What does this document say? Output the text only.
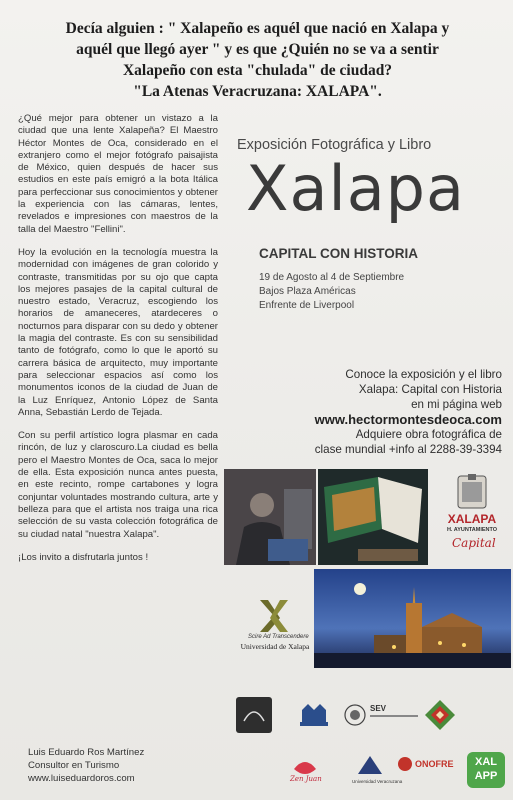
Decía alguien : " Xalapeño es aquél que nació en Xalapa y
aquél que llegó ayer " y es que ¿Quién no se va a sentir
Xalapeño con esta "chulada" de ciudad?
"La Atenas Veracruzana: XALAPA".

¿Qué mejor para obtener un vistazo a la ciudad que una lente Xalapeña? El Maestro Héctor Montes de Oca, considerado en el extranjero como el mejor fotógrafo paisajista de México, quien después de hacer sus estudios en este país emigró a la bota Itálica para perfeccionar sus conocimientos y obtener la experiencia con las cámaras, lentes, revelados e impresiones con maestros de la talla del Maestro "Fellini".

Hoy la evolución en la tecnología muestra la modernidad con imágenes de gran colorido y contraste, transmitidas por su ojo que capta los mejores pasajes de la capital cultural de nuestro estado, Veracruz, escogiendo los horarios de amaneceres, atardeceres o nocturnos para disparar con su dedo y obtener la magia del contraste. Es con su sensibilidad tanto de fotógrafo, como lo que le aportó su carrera básica de arquitecto, muy importante para seleccionar espacios así como los monumentos iconos de la ciudad de Juan de la Luz Enríquez, Antonio López de Santa Anna, Sebastián Lerdo de Tejada.

Con su perfil artístico logra plasmar en cada rincón, de luz y claroscuro.La ciudad es bella pero el Maestro Montes de Oca, saca lo mejor de ella. Esta exposición nunca antes puesta, en este recinto, rompe cartabones y logra conjuntar voluntades mostrando cultura, arte y belleza para que el artista nos traiga una rica selección de su vasta colección fotográfica de su ciudad natal "nuestra Xalapa".

¡Los invito a disfrutarla juntos !

Luis Eduardo Ros Martínez
Consultor en Turismo
www.luiseduardoros.com
Exposición Fotográfica y Libro
Xalapa
CAPITAL CON HISTORIA
19 de Agosto al 4 de Septiembre
Bajos Plaza Américas
Enfrente de Liverpool
Conoce la exposición y el libro
Xalapa: Capital con Historia
en mi página web
www.hectormontesdeoca.com
Adquiere obra fotográfica de
clase mundial +info al 2288-39-3394
XALAPA
H. AYUNTAMIENTO
Capital
Scire Ad Transcendere
Universidad de Xalapa
SEV
Zen Juan	Universidad Veracruzana
ONOFRE	XAL
APP
